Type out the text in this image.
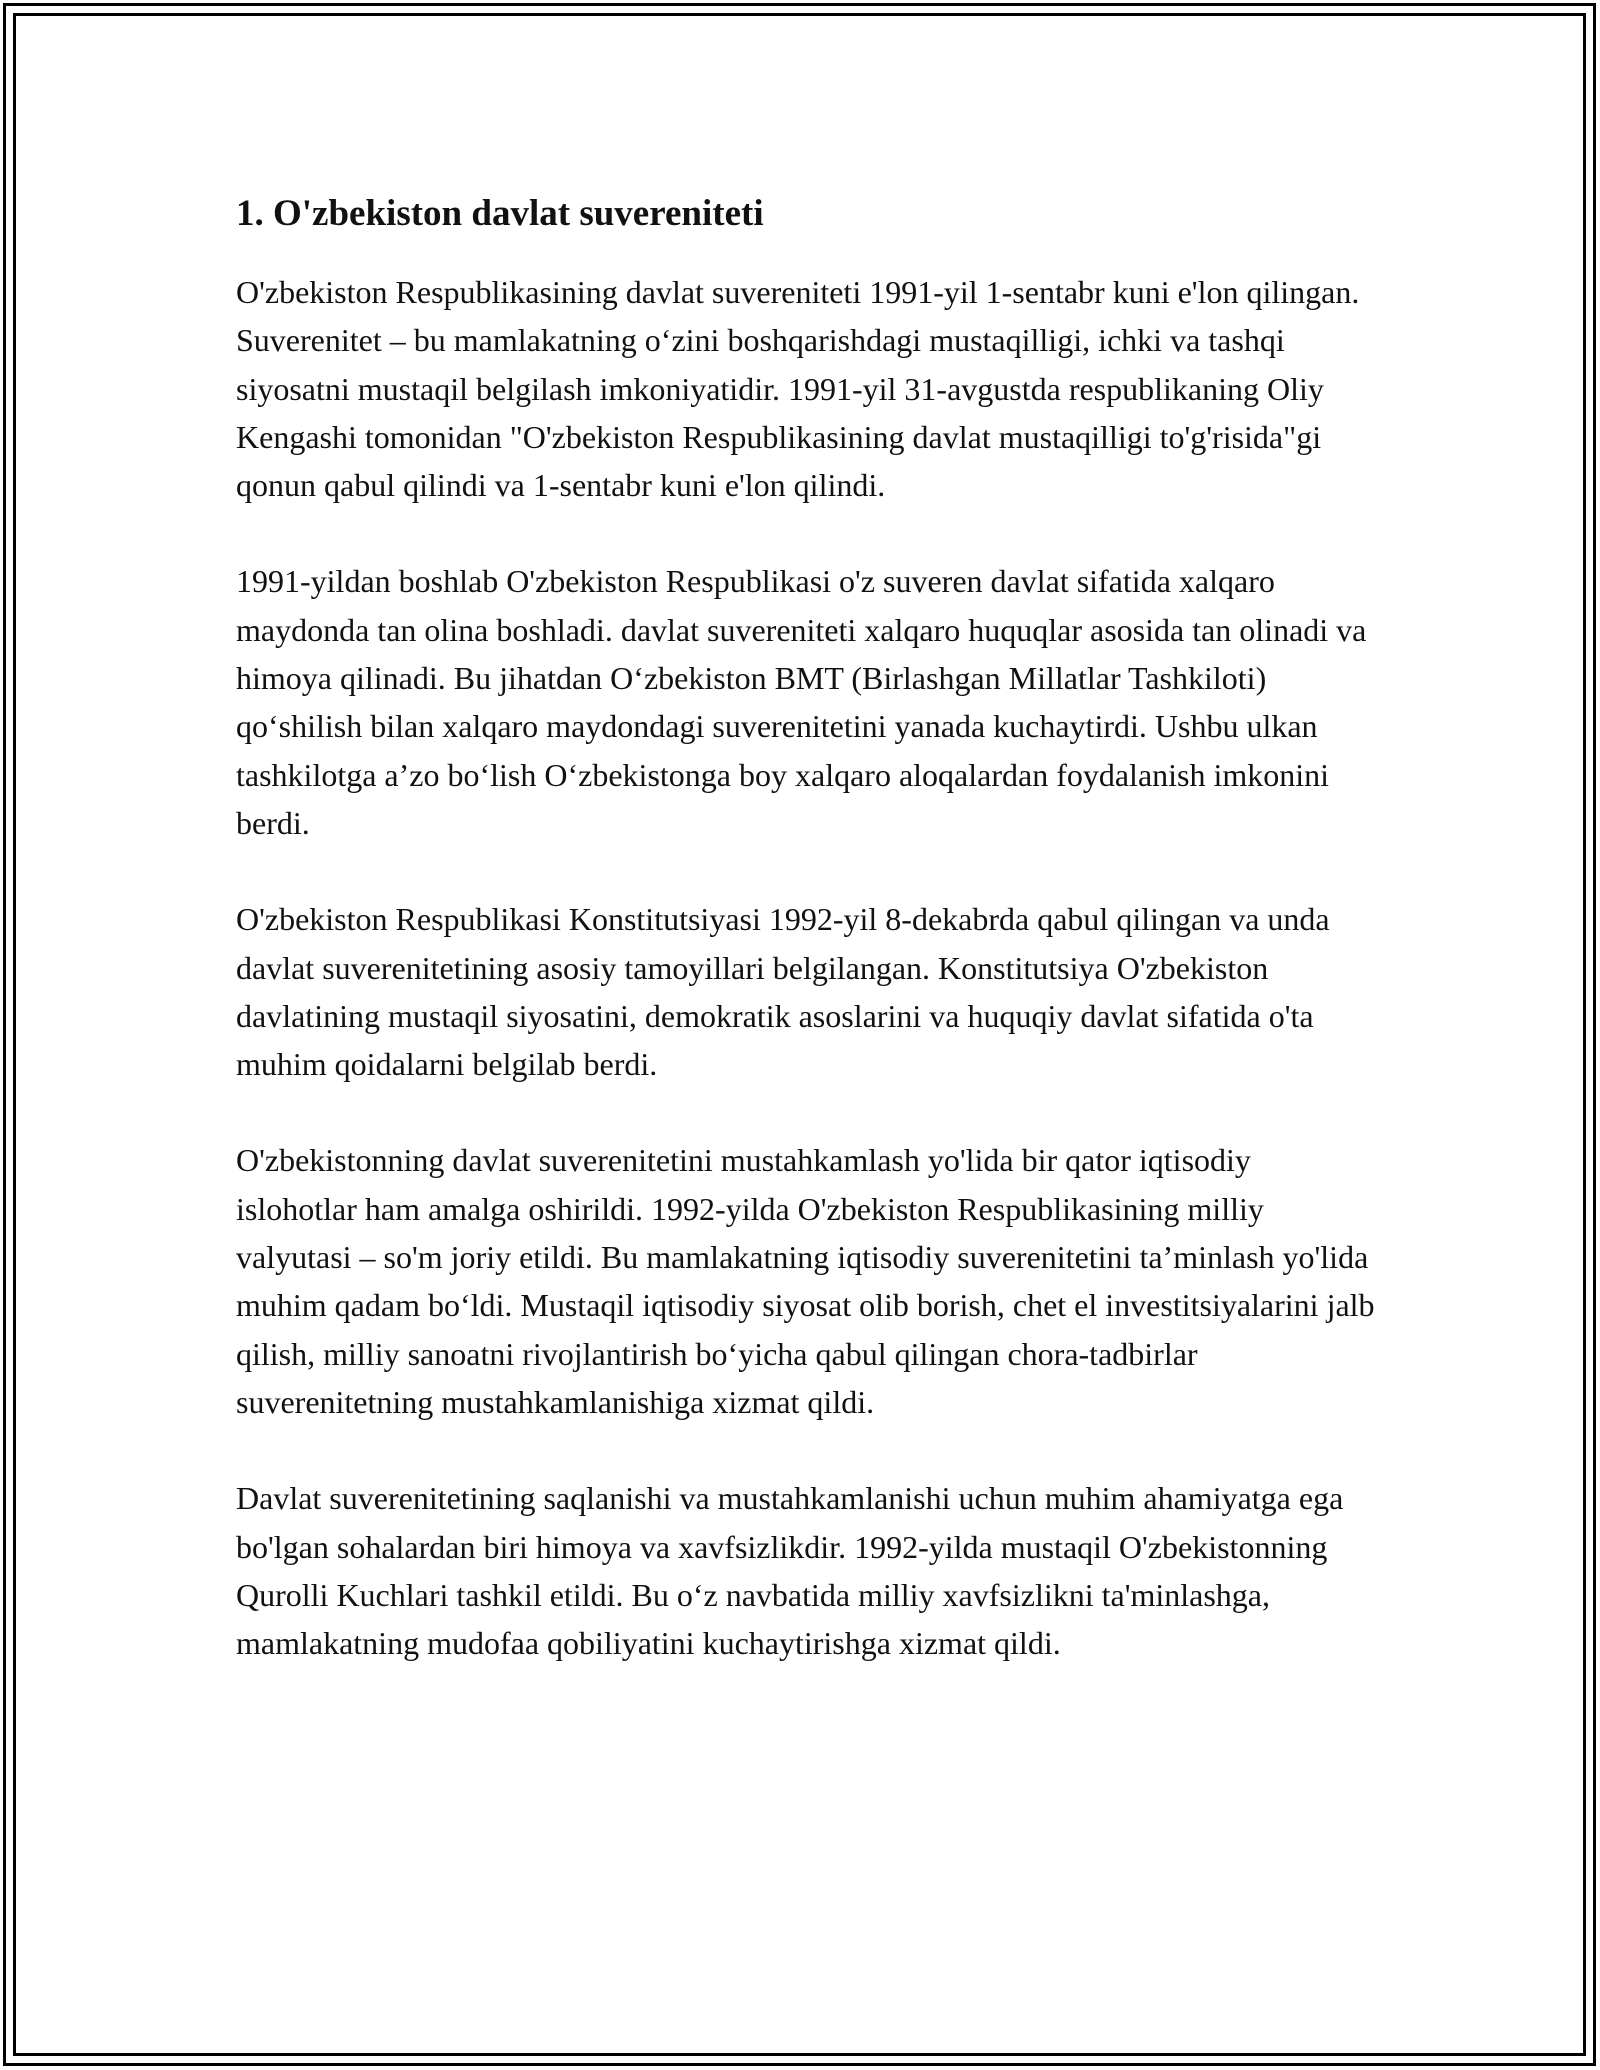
1. O'zbekiston davlat suvereniteti

O'zbekiston Respublikasining davlat suvereniteti 1991-yil 1-sentabr kuni e'lon qilingan. Suverenitet – bu mamlakatning o‘zini boshqarishdagi mustaqilligi, ichki va tashqi siyosatni mustaqil belgilash imkoniyatidir. 1991-yil 31-avgustda respublikaning Oliy Kengashi tomonidan "O'zbekiston Respublikasining davlat mustaqilligi to'g'risida"gi qonun qabul qilindi va 1-sentabr kuni e'lon qilindi.

1991-yildan boshlab O'zbekiston Respublikasi o'z suveren davlat sifatida xalqaro maydonda tan olina boshladi. davlat suvereniteti xalqaro huquqlar asosida tan olinadi va himoya qilinadi. Bu jihatdan O‘zbekiston BMT (Birlashgan Millatlar Tashkiloti) qo‘shilish bilan xalqaro maydondagi suverenitetini yanada kuchaytirdi. Ushbu ulkan tashkilotga a’zo bo‘lish O‘zbekistonga boy xalqaro aloqalardan foydalanish imkonini berdi.

O'zbekiston Respublikasi Konstitutsiyasi 1992-yil 8-dekabrda qabul qilingan va unda davlat suverenitetining asosiy tamoyillari belgilangan. Konstitutsiya O'zbekiston davlatining mustaqil siyosatini, demokratik asoslarini va huquqiy davlat sifatida o'ta muhim qoidalarni belgilab berdi.

O'zbekistonning davlat suverenitetini mustahkamlash yo'lida bir qator iqtisodiy islohotlar ham amalga oshirildi. 1992-yilda O'zbekiston Respublikasining milliy valyutasi – so'm joriy etildi. Bu mamlakatning iqtisodiy suverenitetini ta’minlash yo'lida muhim qadam bo‘ldi. Mustaqil iqtisodiy siyosat olib borish, chet el investitsiyalarini jalb qilish, milliy sanoatni rivojlantirish bo‘yicha qabul qilingan chora-tadbirlar suverenitetning mustahkamlanishiga xizmat qildi.

Davlat suverenitetining saqlanishi va mustahkamlanishi uchun muhim ahamiyatga ega bo'lgan sohalardan biri himoya va xavfsizlikdir. 1992-yilda mustaqil O'zbekistonning Qurolli Kuchlari tashkil etildi. Bu o‘z navbatida milliy xavfsizlikni ta'minlashga, mamlakatning mudofaa qobiliyatini kuchaytirishga xizmat qildi.
